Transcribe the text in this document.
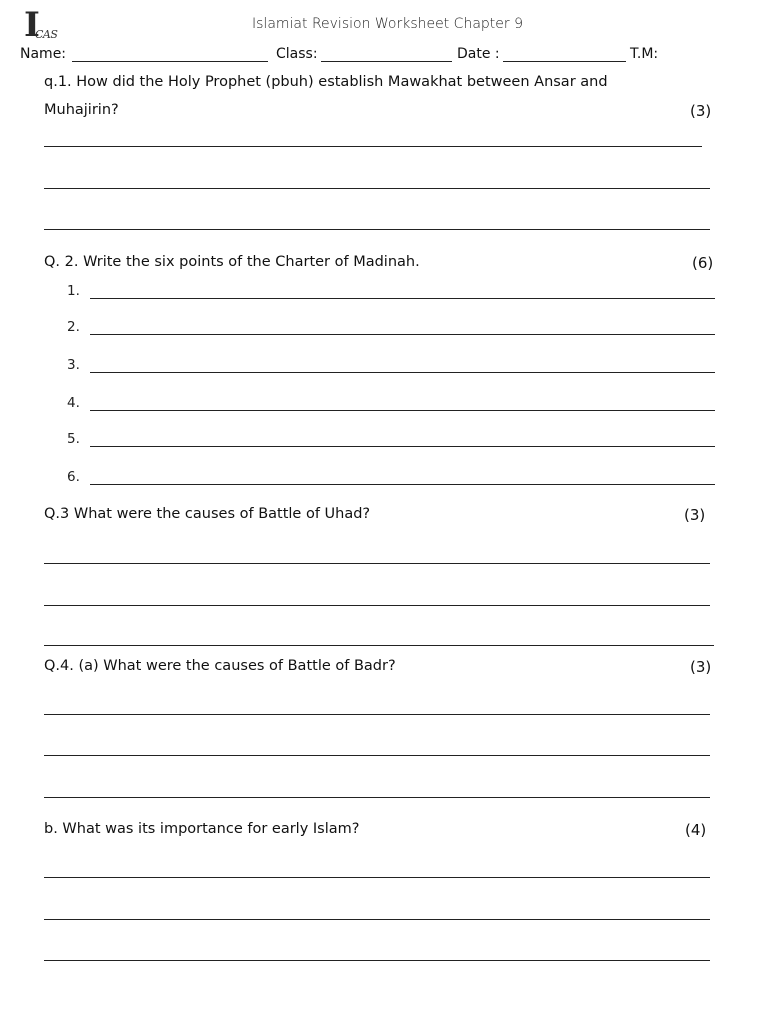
I
CAS
Islamiat Revision Worksheet Chapter 9
Name:	Class:	Date :	T.M:
q.1. How did the Holy Prophet (pbuh) establish Mawakhat between Ansar and
Muhajirin?	(3)
Q. 2. Write the six points of the Charter of Madinah.	(6)
1.
2.
3.
4.
5.
6.
Q.3 What were the causes of Battle of Uhad?	(3)
Q.4. (a) What were the causes of Battle of Badr?	(3)
b. What was its importance for early Islam?	(4)
